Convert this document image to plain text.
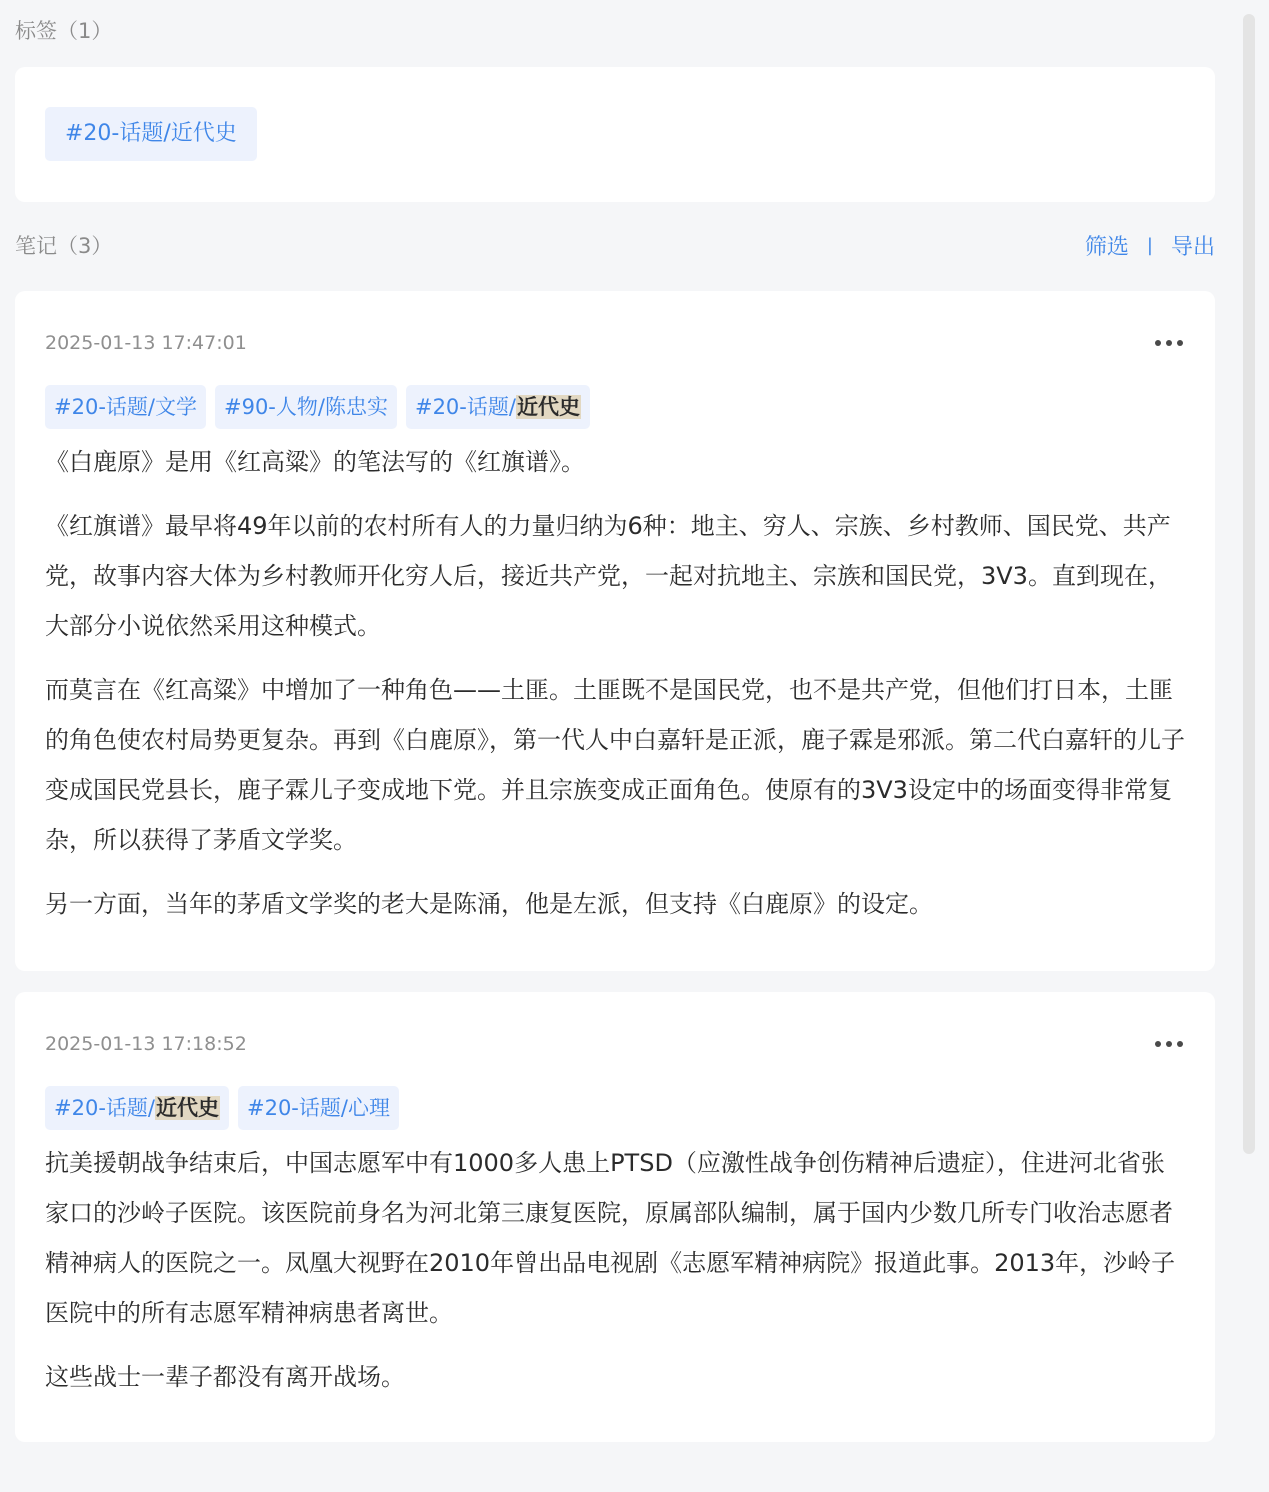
标签（1）
#20-话题/近代史
笔记（3）	筛选 | 导出
2025-01-13 17:47:01
#20-话题/文学	#90-人物/陈忠实	#20-话题/近代史

《白鹿原》是用《红高粱》的笔法写的《红旗谱》。

《红旗谱》最早将49年以前的农村所有人的力量归纳为6种：地主、穷人、宗族、乡村教师、国民党、共产党，故事内容大体为乡村教师开化穷人后，接近共产党，一起对抗地主、宗族和国民党，3V3。直到现在，大部分小说依然采用这种模式。

而莫言在《红高粱》中增加了一种角色——土匪。土匪既不是国民党，也不是共产党，但他们打日本，土匪的角色使农村局势更复杂。再到《白鹿原》，第一代人中白嘉轩是正派，鹿子霖是邪派。第二代白嘉轩的儿子变成国民党县长，鹿子霖儿子变成地下党。并且宗族变成正面角色。使原有的3V3设定中的场面变得非常复杂，所以获得了茅盾文学奖。

另一方面，当年的茅盾文学奖的老大是陈涌，他是左派，但支持《白鹿原》的设定。

2025-01-13 17:18:52
#20-话题/近代史	#20-话题/心理

抗美援朝战争结束后，中国志愿军中有1000多人患上PTSD（应激性战争创伤精神后遗症），住进河北省张家口的沙岭子医院。该医院前身名为河北第三康复医院，原属部队编制，属于国内少数几所专门收治志愿者精神病人的医院之一。凤凰大视野在2010年曾出品电视剧《志愿军精神病院》报道此事。2013年，沙岭子医院中的所有志愿军精神病患者离世。

这些战士一辈子都没有离开战场。
